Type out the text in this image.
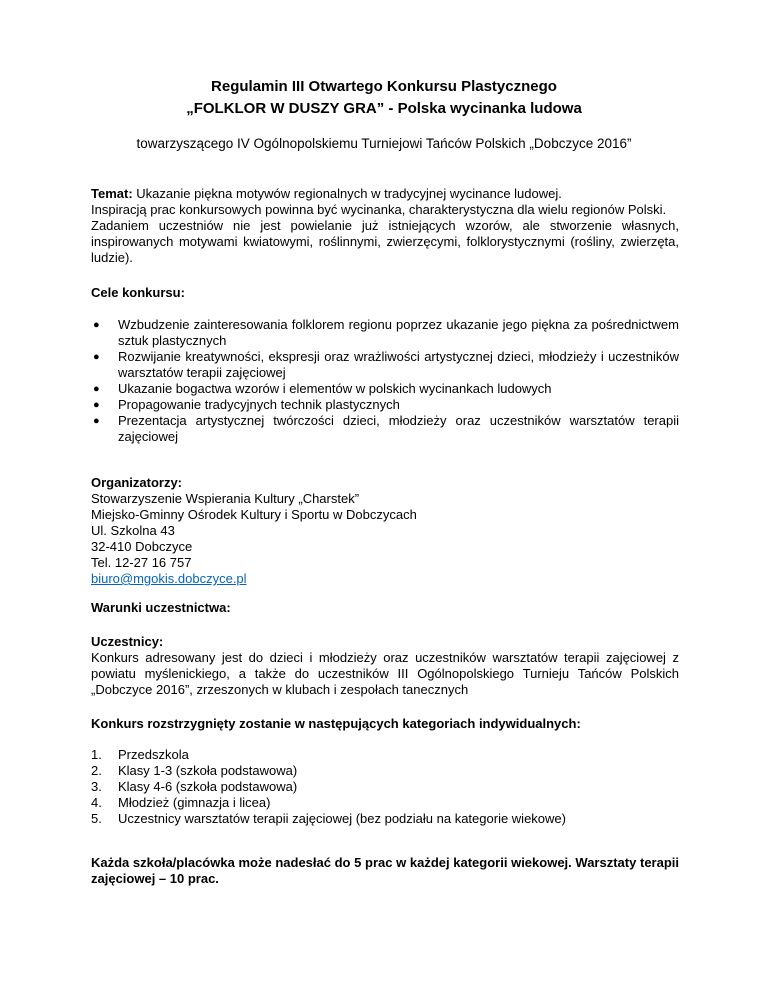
Regulamin III Otwartego Konkursu Plastycznego
„FOLKLOR W DUSZY GRA” - Polska wycinanka ludowa
towarzyszącego IV Ogólnopolskiemu Turniejowi Tańców Polskich „Dobczyce 2016”

Temat: Ukazanie piękna motywów regionalnych w tradycyjnej wycinance ludowej.

Inspiracją prac konkursowych powinna być wycinanka, charakterystyczna dla wielu regionów Polski.

Zadaniem uczestniów nie jest powielanie już istniejących wzorów, ale stworzenie własnych, inspirowanych motywami kwiatowymi, roślinnymi, zwierzęcymi, folklorystycznymi (rośliny, zwierzęta, ludzie).

Cele konkursu:
● Wzbudzenie zainteresowania folklorem regionu poprzez ukazanie jego piękna za pośrednictwem sztuk plastycznych
● Rozwijanie kreatywności, ekspresji oraz wrażliwości artystycznej dzieci, młodzieży i uczestników warsztatów terapii zajęciowej
● Ukazanie bogactwa wzorów i elementów w polskich wycinankach ludowych
● Propagowanie tradycyjnych technik plastycznych
● Prezentacja artystycznej twórczości dzieci, młodzieży oraz uczestników warsztatów terapii zajęciowej

Organizatorzy:

Stowarzyszenie Wspierania Kultury „Charstek”

Miejsko-Gminny Ośrodek Kultury i Sportu w Dobczycach

Ul. Szkolna 43

32-410 Dobczyce

Tel. 12-27 16 757

biuro@mgokis.dobczyce.pl

Warunki uczestnictwa:

Uczestnicy:

Konkurs adresowany jest do dzieci i młodzieży oraz uczestników warsztatów terapii zajęciowej z powiatu myślenickiego, a także do uczestników III Ogólnopolskiego Turnieju Tańców Polskich „Dobczyce 2016”, zrzeszonych w klubach i zespołach tanecznych

Konkurs rozstrzygnięty zostanie w następujących kategoriach indywidualnych:
1. Przedszkola
2. Klasy 1-3 (szkoła podstawowa)
3. Klasy 4-6 (szkoła podstawowa)
4. Młodzież (gimnazja i licea)
5. Uczestnicy warsztatów terapii zajęciowej (bez podziału na kategorie wiekowe)
Każda szkoła/placówka może nadesłać do 5 prac w każdej kategorii wiekowej. Warsztaty terapii zajęciowej – 10 prac.
